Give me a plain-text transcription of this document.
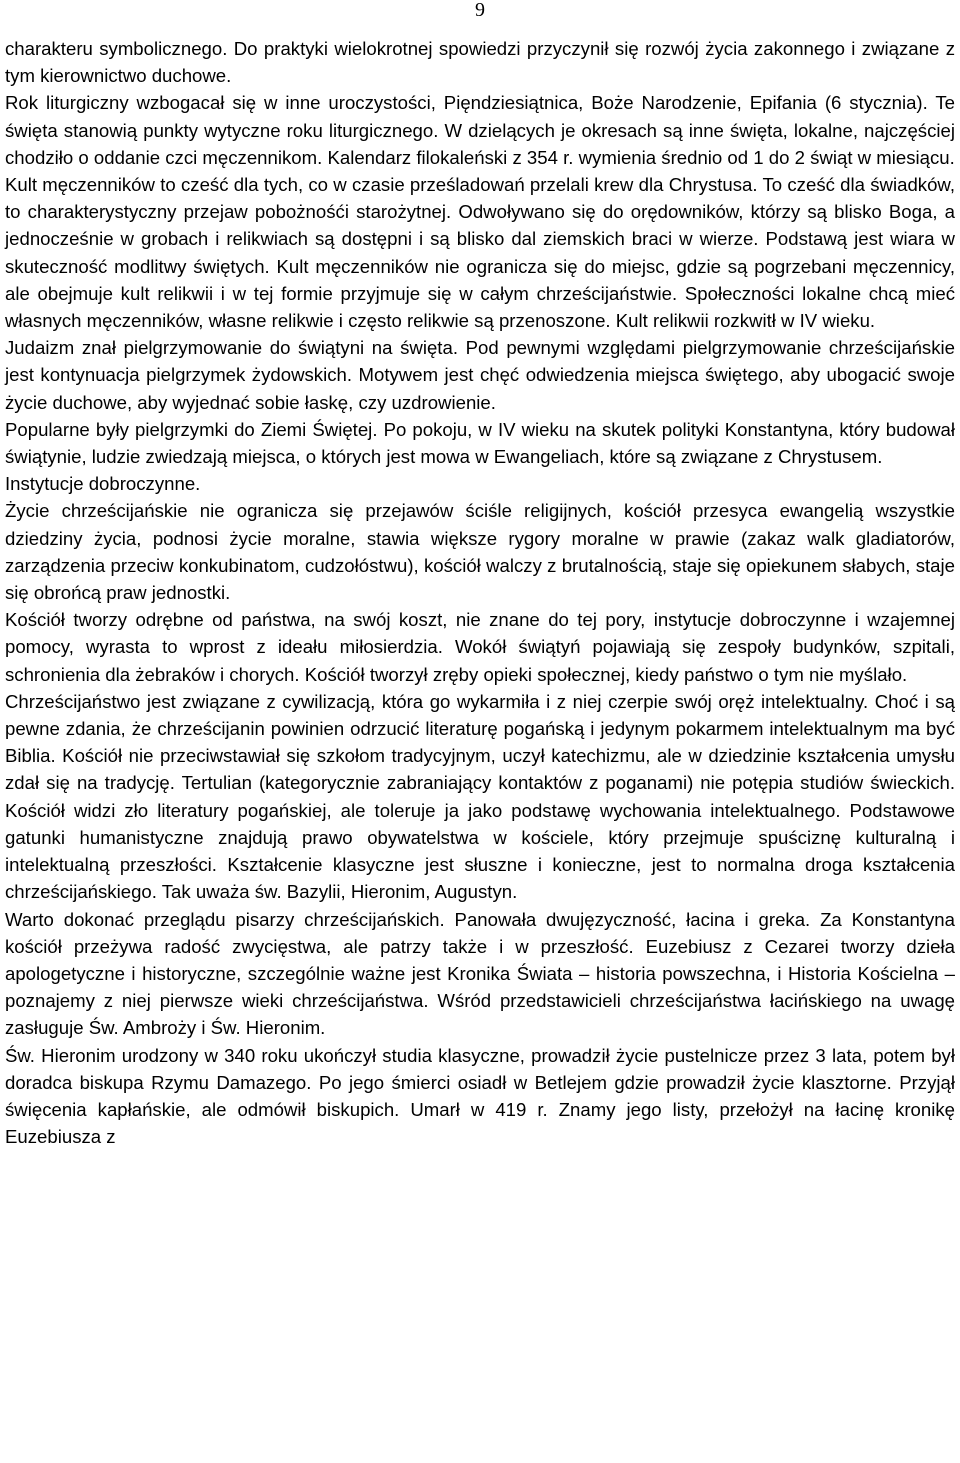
9

charakteru symbolicznego. Do praktyki wielokrotnej spowiedzi przyczynił się rozwój życia zakonnego i związane z tym kierownictwo duchowe.

Rok liturgiczny wzbogacał się w inne uroczystości, Pięndziesiątnica, Boże Narodzenie, Epifania (6 stycznia). Te święta stanowią punkty wytyczne roku liturgicznego. W dzielących je okresach są inne święta, lokalne, najczęściej chodziło o oddanie czci męczennikom. Kalendarz filokaleński z 354 r. wymienia średnio od 1 do 2 świąt w miesiącu.

Kult męczenników to cześć dla tych, co w czasie prześladowań przelali krew dla Chrystusa. To cześć dla świadków, to charakterystyczny przejaw pobożnośći starożytnej. Odwoływano się do orędowników, którzy są blisko Boga, a jednocześnie w grobach i relikwiach są dostępni i są blisko dal ziemskich braci w wierze. Podstawą jest wiara w skuteczność modlitwy świętych. Kult męczenników nie ogranicza się do miejsc, gdzie są pogrzebani męczennicy, ale obejmuje kult relikwii i w tej formie przyjmuje się w całym chrześcijaństwie. Społeczności lokalne chcą mieć własnych męczenników, własne relikwie i często relikwie są przenoszone. Kult relikwii rozkwitł w IV wieku.

Judaizm znał pielgrzymowanie do świątyni na święta. Pod pewnymi względami pielgrzymowanie chrześcijańskie jest kontynuacja pielgrzymek żydowskich. Motywem jest chęć odwiedzenia miejsca świętego, aby ubogacić swoje życie duchowe, aby wyjednać sobie łaskę, czy uzdrowienie.

Popularne były pielgrzymki do Ziemi Świętej. Po pokoju, w IV wieku na skutek polityki Konstantyna, który budował świątynie, ludzie zwiedzają miejsca, o których jest mowa w Ewangeliach, które są związane z Chrystusem.

Instytucje dobroczynne.

Życie chrześcijańskie nie ogranicza się przejawów ściśle religijnych, kościół przesyca ewangelią wszystkie dziedziny życia, podnosi życie moralne, stawia większe rygory moralne w prawie (zakaz walk gladiatorów, zarządzenia przeciw konkubinatom, cudzołóstwu), kościół walczy z brutalnością, staje się opiekunem słabych, staje się obrońcą praw jednostki.

Kościół tworzy odrębne od państwa, na swój koszt, nie znane do tej pory, instytucje dobroczynne i wzajemnej pomocy, wyrasta to wprost z ideału miłosierdzia. Wokół świątyń pojawiają się zespoły budynków, szpitali, schronienia dla żebraków i chorych. Kościół tworzył zręby opieki społecznej, kiedy państwo o tym nie myślało.

Chrześcijaństwo jest związane z cywilizacją, która go wykarmiła i z niej czerpie swój oręż intelektualny. Choć i są pewne zdania, że chrześcijanin powinien odrzucić literaturę pogańską i jedynym pokarmem intelektualnym ma być Biblia. Kościół nie przeciwstawiał się szkołom tradycyjnym, uczył katechizmu, ale w dziedzinie kształcenia umysłu zdał się na tradycję. Tertulian (kategorycznie zabraniający kontaktów z poganami) nie potępia studiów świeckich. Kościół widzi zło literatury pogańskiej, ale toleruje ja jako podstawę wychowania intelektualnego. Podstawowe gatunki humanistyczne znajdują prawo obywatelstwa w kościele, który przejmuje spuściznę kulturalną i intelektualną przeszłości. Kształcenie klasyczne jest słuszne i konieczne, jest to normalna droga kształcenia chrześcijańskiego. Tak uważa św. Bazylii, Hieronim, Augustyn.

Warto dokonać przeglądu pisarzy chrześcijańskich. Panowała dwujęzyczność, łacina i greka. Za Konstantyna kościół przeżywa radość zwycięstwa, ale patrzy także i w przeszłość. Euzebiusz z Cezarei tworzy dzieła apologetyczne i historyczne, szczególnie ważne jest Kronika Świata – historia powszechna, i Historia Kościelna – poznajemy z niej pierwsze wieki chrześcijaństwa. Wśród przedstawicieli chrześcijaństwa łacińskiego na uwagę zasługuje Św. Ambroży i Św. Hieronim.

Św. Hieronim urodzony w 340 roku ukończył studia klasyczne, prowadził życie pustelnicze przez 3 lata, potem był doradca biskupa Rzymu Damazego. Po jego śmierci osiadł w Betlejem gdzie prowadził życie klasztorne. Przyjął święcenia kapłańskie, ale odmówił biskupich. Umarł w 419 r. Znamy jego listy, przełożył na łacinę kronikę Euzebiusza z
